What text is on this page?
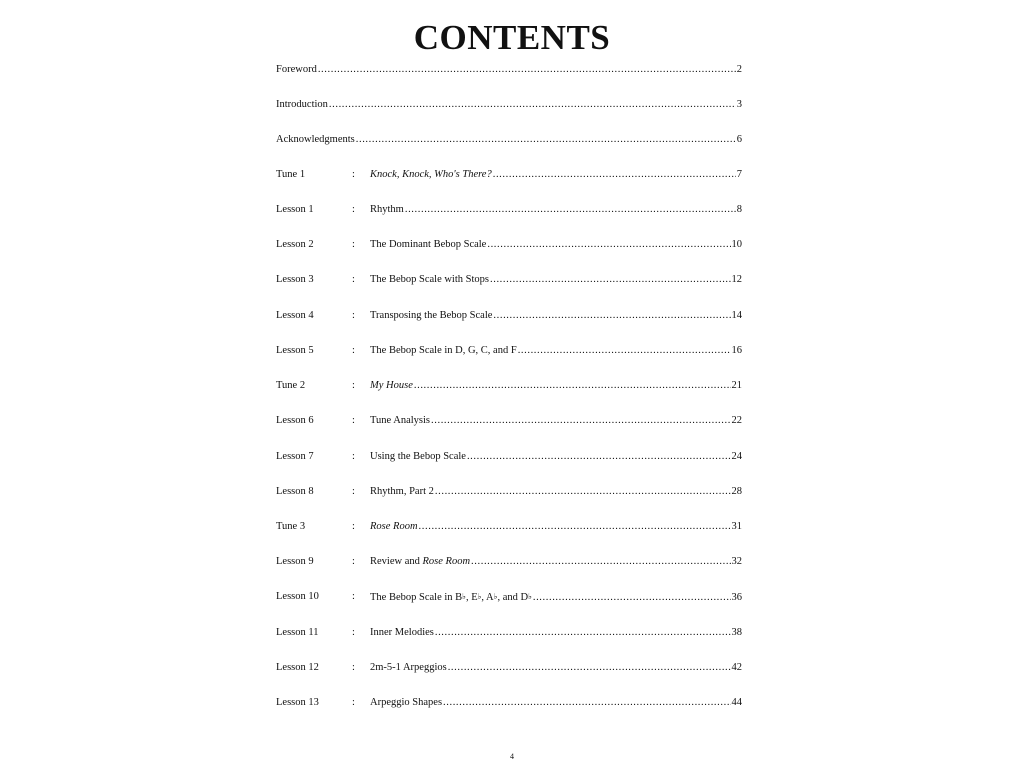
CONTENTS
Foreword .....	2
Introduction .....	3
Acknowledgments .....	6
Tune 1	: Knock, Knock, Who's There? .....	7
Lesson 1	: Rhythm .....	8
Lesson 2	: The Dominant Bebop Scale .....	10
Lesson 3	: The Bebop Scale with Stops .....	12
Lesson 4	: Transposing the Bebop Scale .....	14
Lesson 5	: The Bebop Scale in D, G, C, and F .....	16
Tune 2	: My House .....	21
Lesson 6	: Tune Analysis .....	22
Lesson 7	: Using the Bebop Scale .....	24
Lesson 8	: Rhythm, Part 2 .....	28
Tune 3	: Rose Room .....	31
Lesson 9	: Review and Rose Room .....	32
Lesson 10	: The Bebop Scale in B♭, E♭, A♭, and D♭ .....	36
Lesson 11	: Inner Melodies .....	38
Lesson 12	: 2m-5-1 Arpeggios .....	42
Lesson 13	: Arpeggio Shapes .....	44
4
